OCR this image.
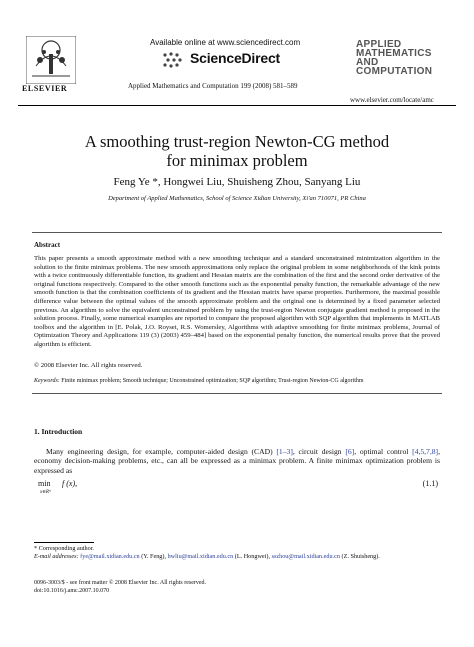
ELSEVIER
Available online at www.sciencedirect.com
ScienceDirect
Applied Mathematics and Computation 199 (2008) 581–589
APPLIED
MATHEMATICS
AND
COMPUTATION
www.elsevier.com/locate/amc
A smoothing trust-region Newton-CG method
for minimax problem
Feng Ye *, Hongwei Liu, Shuisheng Zhou, Sanyang Liu
Department of Applied Mathematics, School of Science Xidian University, Xi'an 710071, PR China
Abstract
This paper presents a smooth approximate method with a new smoothing technique and a standard unconstrained minimization algorithm in the solution to the finite minimax problems. The new smooth approximations only replace the original problem in some neighborhoods of the kink points with a twice continuously differentiable function, its gradient and Hessian matrix are the combination of the first and the second order derivative of the original functions respectively. Compared to the other smooth functions such as the exponential penalty function, the remarkable advantage of the new smooth function is that the combination coefficients of its gradient and the Hessian matrix have sparse properties. Furthermore, the maximal possible difference value between the optimal values of the smooth approximate problem and the original one is determined by a fixed parameter selected previous. An algorithm to solve the equivalent unconstrained problem by using the trust-region Newton conjugate gradient method is proposed in the solution process. Finally, some numerical examples are reported to compare the proposed algorithm with SQP algorithm that implements in MATLAB toolbox and the algorithm in [E. Polak, J.O. Royset, R.S. Womersley, Algorithms with adaptive smoothing for finite minimax problems, Journal of Optimization Theory and Applications 119 (3) (2003) 459–484] based on the exponential penalty function, the numerical results prove that the proved algorithm is efficient.
© 2008 Elsevier Inc. All rights reserved.
Keywords: Finite minimax problem; Smooth technique; Unconstrained optimization; SQP algorithm; Trust-region Newton-CG algorithm
1. Introduction
Many engineering design, for example, computer-aided design (CAD) [1–3], circuit design [6], optimal control [4,5,7,8], economy decision-making problems, etc., can all be expressed as a minimax problem. A finite minimax optimization problem is expressed as
min
x∈Rⁿ
f (x),	(1.1)
* Corresponding author.
E-mail addresses: fye@mail.xidian.edu.cn (Y. Feng), hwliu@mail.xidian.edu.cn (L. Hongwei), sszhou@mail.xidian.edu.cn (Z. Shuisheng).
0096-3003/$ - see front matter © 2008 Elsevier Inc. All rights reserved.
doi:10.1016/j.amc.2007.10.070
